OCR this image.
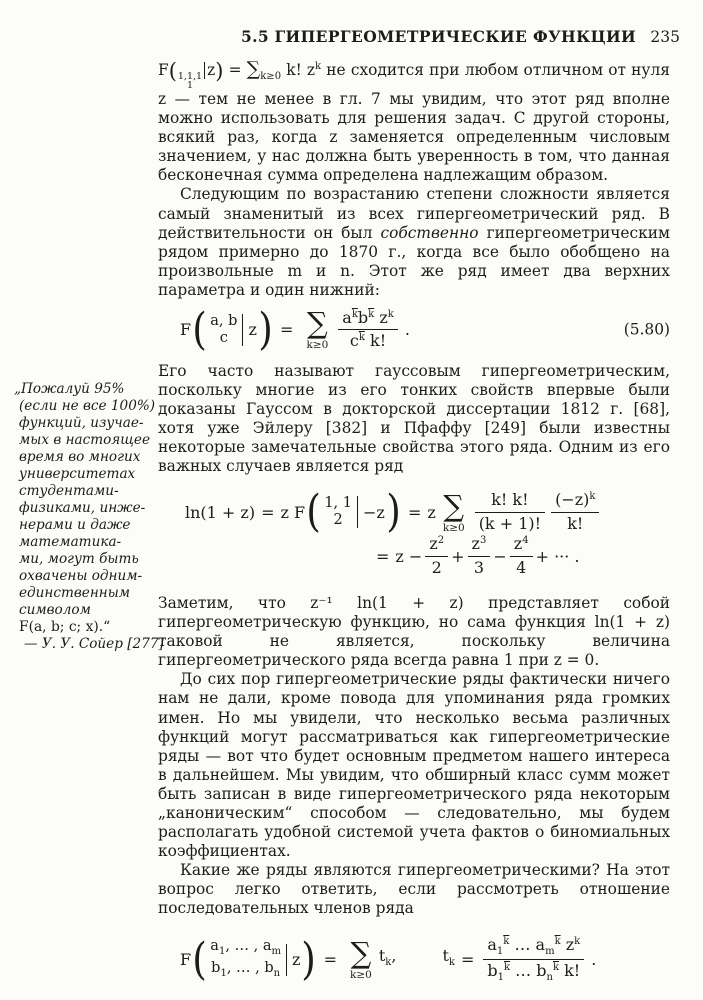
5.5 ГИПЕРГЕОМЕТРИЧЕСКИЕ ФУНКЦИИ 235
„Пожалуй 95%
(если не все 100%)
функций, изучае-
мых в настоящее
время во многих
университетах
студентами-
физиками, инже-
нерами и даже
математика-
ми, могут быть
охвачены одним-
единственным
символом
F(a, b; c; x).“
— У. У. Сойер [277]

F( 1,1,1
1
$z) = \sum_{k\ge 0}$ k! $z^k$ не сходится при любом отличном от нуля z — тем не менее в гл. 7 мы увидим, что этот ряд вполне можно использовать для решения задач. С другой стороны, всякий раз, когда z заменяется определенным числовым значением, у нас должна быть уверенность в том, что данная бесконечная сумма определена надлежащим образом.

Следующим по возрастанию степени сложности является самый знаменитый из всех гипергеометрический ряд. В действительности он был собственно гипергеометрическим рядом примерно до 1870 г., когда все было обобщено на произвольные m и n. Этот же ряд имеет два верхних параметра и один нижний:

F ( a, b
c z ) = ∑
k≥0
$a^{\overline{k}}b^{\overline{k}}$ $z^k$
$c^{\overline{k}}$ k!
.	(5.80)

Его часто называют гауссовым гипергеометрическим, поскольку многие из его тонких свойств впервые были доказаны Гауссом в докторской диссертации 1812 г. [68], хотя уже Эйлеру [382] и Пфаффу [249] были известны некоторые замечательные свойства этого ряда. Одним из его важных случаев является ряд

ln(1 + z) = z
F ( 1, 1
2 −z ) = z ∑
k≥0
k! k!
(k + 1)!
$(-z)^k$
k!
= $z - \frac{z^2}{2} + \frac{z^3}{3} - \frac{z^4}{4}$ + ··· .

Заметим, что z⁻¹ ln(1 + z) представляет собой гипергеометрическую функцию, но сама функция ln(1 + z) таковой не является, поскольку величина гипергеометрического ряда всегда равна 1 при z = 0.

До сих пор гипергеометрические ряды фактически ничего нам не дали, кроме повода для упоминания ряда громких имен. Но мы увидели, что несколько весьма различных функций могут рассматриваться как гипергеометрические ряды — вот что будет основным предметом нашего интереса в дальнейшем. Мы увидим, что обширный класс сумм может быть записан в виде гипергеометрического ряда некоторым „каноническим“ способом — следовательно, мы будем располагать удобной системой учета фактов о биномиальных коэффициентах.

Какие же ряды являются гипергеометрическими? На этот вопрос легко ответить, если рассмотреть отношение последовательных членов ряда

F ( $a_1$, … , $a_m$
$b_1$, … , $b_n$
z ) = ∑
k≥0
$t_k$,	$t_k$ =
$a_1^{\overline{k}}$ … $a_m^{\overline{k}}$ $z^k$
$b_1^{\overline{k}}$ … $b_n^{\overline{k}}$ k!
.
